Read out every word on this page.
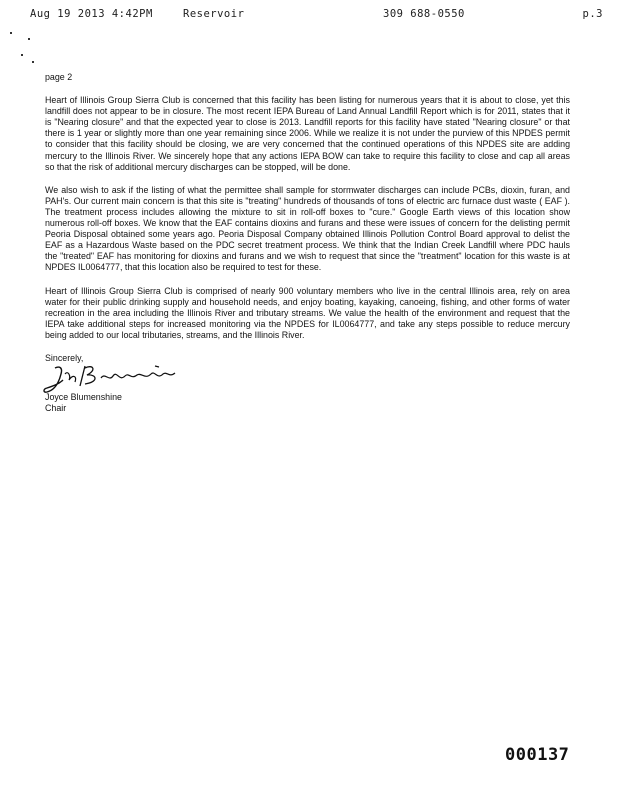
Aug 19 2013 4:42PM	Reservoir	309 688-0550	p.3
page 2

Heart of Illinois Group Sierra Club is concerned that this facility has been listing for numerous years that it is about to close, yet this landfill does not appear to be in closure. The most recent IEPA Bureau of Land Annual Landfill Report which is for 2011, states that it is "Nearing closure" and that the expected year to close is 2013. Landfill reports for this facility have stated "Nearing closure" or that there is 1 year or slightly more than one year remaining since 2006. While we realize it is not under the purview of this NPDES permit to consider that this facility should be closing, we are very concerned that the continued operations of this NPDES site are adding mercury to the Illinois River. We sincerely hope that any actions IEPA BOW can take to require this facility to close and cap all areas so that the risk of additional mercury discharges can be stopped, will be done.

We also wish to ask if the listing of what the permittee shall sample for stormwater discharges can include PCBs, dioxin, furan, and PAH's. Our current main concern is that this site is "treating" hundreds of thousands of tons of electric arc furnace dust waste ( EAF ). The treatment process includes allowing the mixture to sit in roll-off boxes to "cure." Google Earth views of this location show numerous roll-off boxes. We know that the EAF contains dioxins and furans and these were issues of concern for the delisting permit Peoria Disposal obtained some years ago. Peoria Disposal Company obtained Illinois Pollution Control Board approval to delist the EAF as a Hazardous Waste based on the PDC secret treatment process. We think that the Indian Creek Landfill where PDC hauls the "treated" EAF has monitoring for dioxins and furans and we wish to request that since the "treatment" location for this waste is at NPDES IL0064777, that this location also be required to test for these.

Heart of Illinois Group Sierra Club is comprised of nearly 900 voluntary members who live in the central Illinois area, rely on area water for their public drinking supply and household needs, and enjoy boating, kayaking, canoeing, fishing, and other forms of water recreation in the area including the Illinois River and tributary streams. We value the health of the environment and request that the IEPA take additional steps for increased monitoring via the NPDES for IL0064777, and take any steps possible to reduce mercury being added to our local tributaries, streams, and the Illinois River.

Sincerely,
Joyce Blumenshine
Chair
000137
